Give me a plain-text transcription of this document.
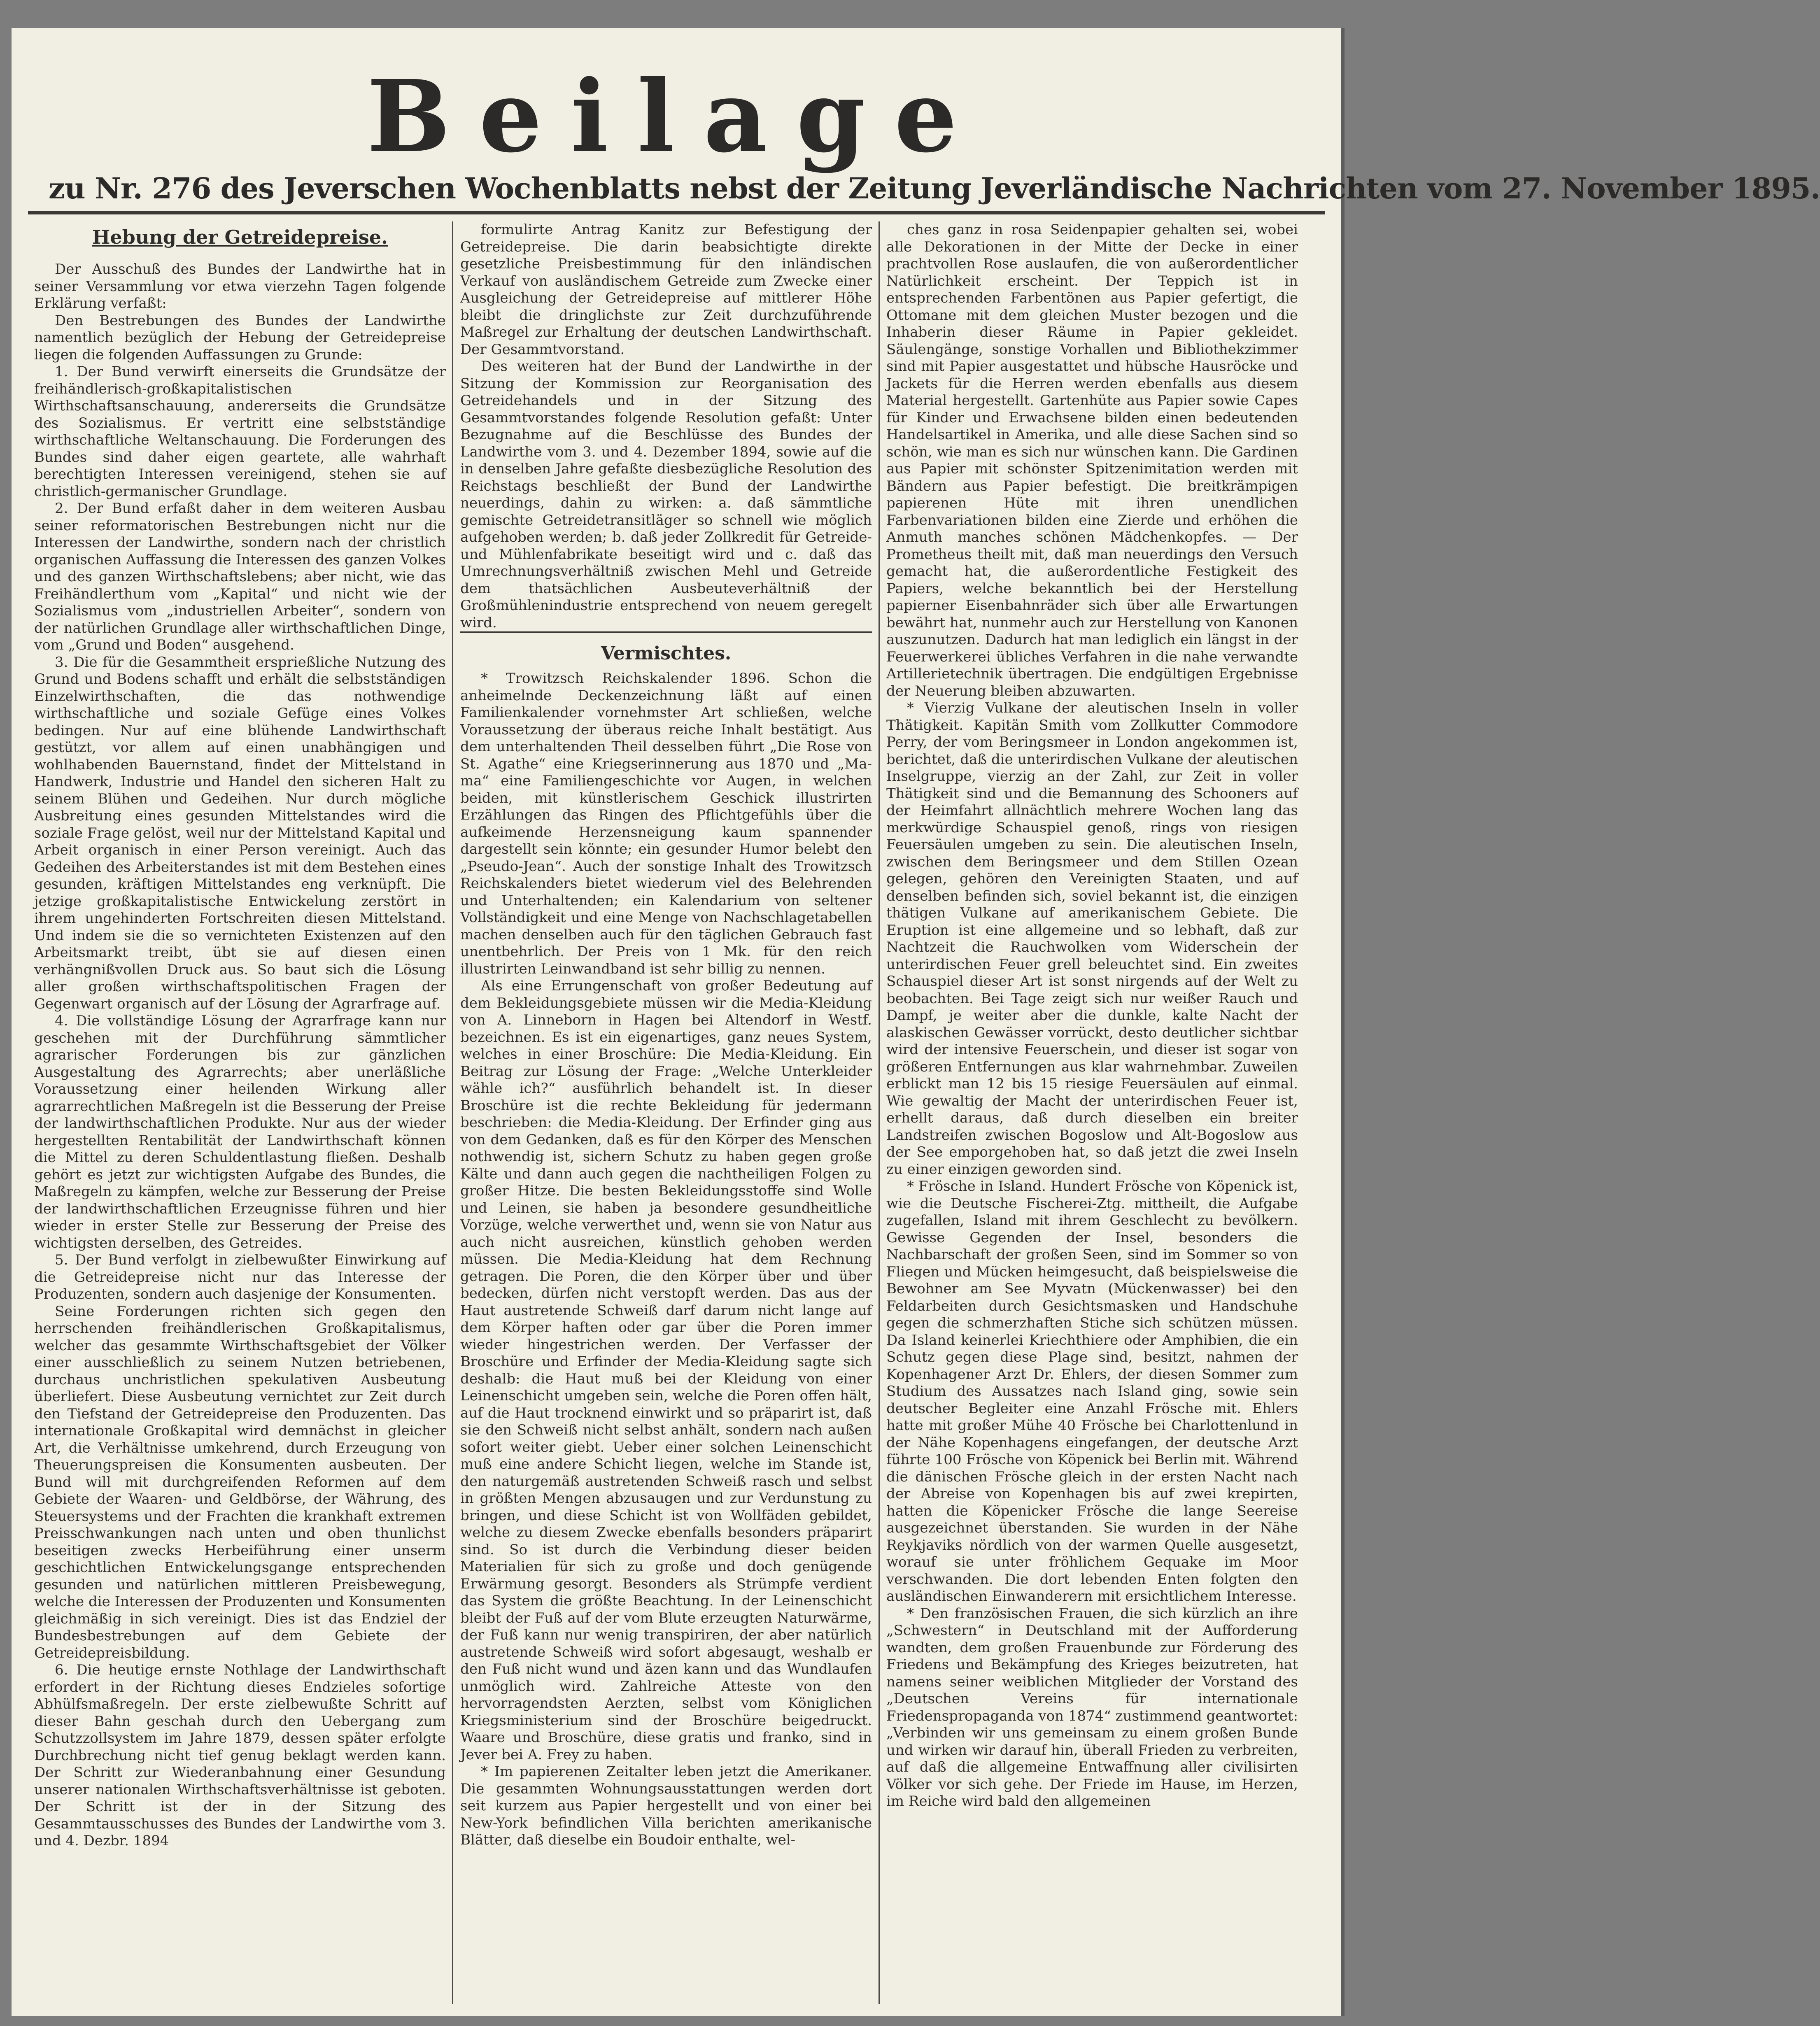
Beilage
zu Nr. 276 des Jeverschen Wochenblatts nebst der Zeitung Jeverländische Nachrichten vom 27. November 1895.
Hebung der Getreidepreise.

Der Ausschuß des Bundes der Landwirthe hat in seiner Versammlung vor etwa vierzehn Tagen folgende Erklärung verfaßt:

Den Bestrebungen des Bundes der Landwirthe namentlich bezüglich der Hebung der Getreidepreise liegen die folgenden Auffassungen zu Grunde:

1. Der Bund verwirft einerseits die Grundsätze der freihändlerisch-großkapitalistischen Wirthschaftsanschauung, andererseits die Grundsätze des Sozialismus. Er vertritt eine selbstständige wirthschaftliche Weltanschauung. Die Forderungen des Bundes sind daher eigen geartete, alle wahrhaft berechtigten Interessen vereinigend, stehen sie auf christlich-germanischer Grundlage.

2. Der Bund erfaßt daher in dem weiteren Ausbau seiner reformatorischen Bestrebungen nicht nur die Interessen der Landwirthe, sondern nach der christlich organischen Auffassung die Interessen des ganzen Volkes und des ganzen Wirthschaftslebens; aber nicht, wie das Freihändlerthum vom „Kapital“ und nicht wie der Sozialismus vom „industriellen Arbeiter“, sondern von der natürlichen Grundlage aller wirthschaftlichen Dinge, vom „Grund und Boden“ ausgehend.

3. Die für die Gesammtheit ersprießliche Nutzung des Grund und Bodens schafft und erhält die selbstständigen Einzelwirthschaften, die das nothwendige wirthschaftliche und soziale Gefüge eines Volkes bedingen. Nur auf eine blühende Landwirthschaft gestützt, vor allem auf einen unabhängigen und wohlhabenden Bauernstand, findet der Mittelstand in Handwerk, Industrie und Handel den sicheren Halt zu seinem Blühen und Gedeihen. Nur durch mögliche Ausbreitung eines gesunden Mittelstandes wird die soziale Frage gelöst, weil nur der Mittelstand Kapital und Arbeit organisch in einer Person vereinigt. Auch das Gedeihen des Arbeiterstandes ist mit dem Bestehen eines gesunden, kräftigen Mittelstandes eng verknüpft. Die jetzige großkapitalistische Entwickelung zerstört in ihrem ungehinderten Fortschreiten diesen Mittelstand. Und indem sie die so vernichteten Existenzen auf den Arbeitsmarkt treibt, übt sie auf diesen einen verhängnißvollen Druck aus. So baut sich die Lösung aller großen wirthschaftspolitischen Fragen der Gegenwart organisch auf der Lösung der Agrarfrage auf.

4. Die vollständige Lösung der Agrarfrage kann nur geschehen mit der Durchführung sämmtlicher agrarischer Forderungen bis zur gänzlichen Ausgestaltung des Agrarrechts; aber unerläßliche Voraussetzung einer heilenden Wirkung aller agrarrechtlichen Maßregeln ist die Besserung der Preise der landwirthschaftlichen Produkte. Nur aus der wieder hergestellten Rentabilität der Landwirthschaft können die Mittel zu deren Schuldentlastung fließen. Deshalb gehört es jetzt zur wichtigsten Aufgabe des Bundes, die Maßregeln zu kämpfen, welche zur Besserung der Preise der landwirthschaftlichen Erzeugnisse führen und hier wieder in erster Stelle zur Besserung der Preise des wichtigsten derselben, des Getreides.

5. Der Bund verfolgt in zielbewußter Einwirkung auf die Getreidepreise nicht nur das Interesse der Produzenten, sondern auch dasjenige der Konsumenten.

Seine Forderungen richten sich gegen den herrschenden freihändlerischen Großkapitalismus, welcher das gesammte Wirthschaftsgebiet der Völker einer ausschließlich zu seinem Nutzen betriebenen, durchaus unchristlichen spekulativen Ausbeutung überliefert. Diese Ausbeutung vernichtet zur Zeit durch den Tiefstand der Getreidepreise den Produzenten. Das internationale Großkapital wird demnächst in gleicher Art, die Verhältnisse umkehrend, durch Erzeugung von Theuerungspreisen die Konsumenten ausbeuten. Der Bund will mit durchgreifenden Reformen auf dem Gebiete der Waaren- und Geldbörse, der Währung, des Steuersystems und der Frachten die krankhaft extremen Preisschwankungen nach unten und oben thunlichst beseitigen zwecks Herbeiführung einer unserm geschichtlichen Entwickelungsgange entsprechenden gesunden und natürlichen mittleren Preisbewegung, welche die Interessen der Produzenten und Konsumenten gleichmäßig in sich vereinigt. Dies ist das Endziel der Bundesbestrebungen auf dem Gebiete der Getreidepreisbildung.

6. Die heutige ernste Nothlage der Landwirthschaft erfordert in der Richtung dieses Endzieles sofortige Abhülfsmaßregeln. Der erste zielbewußte Schritt auf dieser Bahn geschah durch den Uebergang zum Schutzzollsystem im Jahre 1879, dessen später erfolgte Durchbrechung nicht tief genug beklagt werden kann. Der Schritt zur Wiederanbahnung einer Gesundung unserer nationalen Wirthschaftsverhältnisse ist geboten. Der Schritt ist der in der Sitzung des Gesammtausschusses des Bundes der Landwirthe vom 3. und 4. Dezbr. 1894

formulirte Antrag Kanitz zur Befestigung der Getreidepreise. Die darin beabsichtigte direkte gesetzliche Preisbestimmung für den inländischen Verkauf von ausländischem Getreide zum Zwecke einer Ausgleichung der Getreidepreise auf mittlerer Höhe bleibt die dringlichste zur Zeit durchzuführende Maßregel zur Erhaltung der deutschen Landwirthschaft. Der Gesammtvorstand.

Des weiteren hat der Bund der Landwirthe in der Sitzung der Kommission zur Reorganisation des Getreidehandels und in der Sitzung des Gesammtvorstandes folgende Resolution gefaßt: Unter Bezugnahme auf die Beschlüsse des Bundes der Landwirthe vom 3. und 4. Dezember 1894, sowie auf die in denselben Jahre gefaßte diesbezügliche Resolution des Reichstags beschließt der Bund der Landwirthe neuerdings, dahin zu wirken: a. daß sämmtliche gemischte Getreidetransitläger so schnell wie möglich aufgehoben werden; b. daß jeder Zollkredit für Getreide- und Mühlenfabrikate beseitigt wird und c. daß das Umrechnungsverhältniß zwischen Mehl und Getreide dem thatsächlichen Ausbeuteverhältniß der Großmühlenindustrie entsprechend von neuem geregelt wird.

Vermischtes.

* Trowitzsch Reichskalender 1896. Schon die anheimelnde Deckenzeichnung läßt auf einen Familienkalender vornehmster Art schließen, welche Voraussetzung der überaus reiche Inhalt bestätigt. Aus dem unterhaltenden Theil desselben führt „Die Rose von St. Agathe“ eine Kriegserinnerung aus 1870 und „Ma-ma“ eine Familiengeschichte vor Augen, in welchen beiden, mit künstlerischem Geschick illustrirten Erzählungen das Ringen des Pflichtgefühls über die aufkeimende Herzensneigung kaum spannender dargestellt sein könnte; ein gesunder Humor belebt den „Pseudo-Jean“. Auch der sonstige Inhalt des Trowitzsch Reichskalenders bietet wiederum viel des Belehrenden und Unterhaltenden; ein Kalendarium von seltener Vollständigkeit und eine Menge von Nachschlagetabellen machen denselben auch für den täglichen Gebrauch fast unentbehrlich. Der Preis von 1 Mk. für den reich illustrirten Leinwandband ist sehr billig zu nennen.

Als eine Errungenschaft von großer Bedeutung auf dem Bekleidungsgebiete müssen wir die Media-Kleidung von A. Linneborn in Hagen bei Altendorf in Westf. bezeichnen. Es ist ein eigenartiges, ganz neues System, welches in einer Broschüre: Die Media-Kleidung. Ein Beitrag zur Lösung der Frage: „Welche Unterkleider wähle ich?“ ausführlich behandelt ist. In dieser Broschüre ist die rechte Bekleidung für jedermann beschrieben: die Media-Kleidung. Der Erfinder ging aus von dem Gedanken, daß es für den Körper des Menschen nothwendig ist, sichern Schutz zu haben gegen große Kälte und dann auch gegen die nachtheiligen Folgen zu großer Hitze. Die besten Bekleidungsstoffe sind Wolle und Leinen, sie haben ja besondere gesundheitliche Vorzüge, welche verwerthet und, wenn sie von Natur aus auch nicht ausreichen, künstlich gehoben werden müssen. Die Media-Kleidung hat dem Rechnung getragen. Die Poren, die den Körper über und über bedecken, dürfen nicht verstopft werden. Das aus der Haut austretende Schweiß darf darum nicht lange auf dem Körper haften oder gar über die Poren immer wieder hingestrichen werden. Der Verfasser der Broschüre und Erfinder der Media-Kleidung sagte sich deshalb: die Haut muß bei der Kleidung von einer Leinenschicht umgeben sein, welche die Poren offen hält, auf die Haut trocknend einwirkt und so präparirt ist, daß sie den Schweiß nicht selbst anhält, sondern nach außen sofort weiter giebt. Ueber einer solchen Leinenschicht muß eine andere Schicht liegen, welche im Stande ist, den naturgemäß austretenden Schweiß rasch und selbst in größten Mengen abzusaugen und zur Verdunstung zu bringen, und diese Schicht ist von Wollfäden gebildet, welche zu diesem Zwecke ebenfalls besonders präparirt sind. So ist durch die Verbindung dieser beiden Materialien für sich zu große und doch genügende Erwärmung gesorgt. Besonders als Strümpfe verdient das System die größte Beachtung. In der Leinenschicht bleibt der Fuß auf der vom Blute erzeugten Naturwärme, der Fuß kann nur wenig transpiriren, der aber natürlich austretende Schweiß wird sofort abgesaugt, weshalb er den Fuß nicht wund und äzen kann und das Wundlaufen unmöglich wird. Zahlreiche Atteste von den hervorragendsten Aerzten, selbst vom Königlichen Kriegsministerium sind der Broschüre beigedruckt. Waare und Broschüre, diese gratis und franko, sind in Jever bei A. Frey zu haben.

* Im papierenen Zeitalter leben jetzt die Amerikaner. Die gesammten Wohnungsausstattungen werden dort seit kurzem aus Papier hergestellt und von einer bei New-York befindlichen Villa berichten amerikanische Blätter, daß dieselbe ein Boudoir enthalte, wel-

ches ganz in rosa Seidenpapier gehalten sei, wobei alle Dekorationen in der Mitte der Decke in einer prachtvollen Rose auslaufen, die von außerordentlicher Natürlichkeit erscheint. Der Teppich ist in entsprechenden Farbentönen aus Papier gefertigt, die Ottomane mit dem gleichen Muster bezogen und die Inhaberin dieser Räume in Papier gekleidet. Säulengänge, sonstige Vorhallen und Bibliothekzimmer sind mit Papier ausgestattet und hübsche Hausröcke und Jackets für die Herren werden ebenfalls aus diesem Material hergestellt. Gartenhüte aus Papier sowie Capes für Kinder und Erwachsene bilden einen bedeutenden Handelsartikel in Amerika, und alle diese Sachen sind so schön, wie man es sich nur wünschen kann. Die Gardinen aus Papier mit schönster Spitzenimitation werden mit Bändern aus Papier befestigt. Die breitkrämpigen papierenen Hüte mit ihren unendlichen Farbenvariationen bilden eine Zierde und erhöhen die Anmuth manches schönen Mädchenkopfes. — Der Prometheus theilt mit, daß man neuerdings den Versuch gemacht hat, die außerordentliche Festigkeit des Papiers, welche bekanntlich bei der Herstellung papierner Eisenbahnräder sich über alle Erwartungen bewährt hat, nunmehr auch zur Herstellung von Kanonen auszunutzen. Dadurch hat man lediglich ein längst in der Feuerwerkerei übliches Verfahren in die nahe verwandte Artillerietechnik übertragen. Die endgültigen Ergebnisse der Neuerung bleiben abzuwarten.

* Vierzig Vulkane der aleutischen Inseln in voller Thätigkeit. Kapitän Smith vom Zollkutter Commodore Perry, der vom Beringsmeer in London angekommen ist, berichtet, daß die unterirdischen Vulkane der aleutischen Inselgruppe, vierzig an der Zahl, zur Zeit in voller Thätigkeit sind und die Bemannung des Schooners auf der Heimfahrt allnächtlich mehrere Wochen lang das merkwürdige Schauspiel genoß, rings von riesigen Feuersäulen umgeben zu sein. Die aleutischen Inseln, zwischen dem Beringsmeer und dem Stillen Ozean gelegen, gehören den Vereinigten Staaten, und auf denselben befinden sich, soviel bekannt ist, die einzigen thätigen Vulkane auf amerikanischem Gebiete. Die Eruption ist eine allgemeine und so lebhaft, daß zur Nachtzeit die Rauchwolken vom Widerschein der unterirdischen Feuer grell beleuchtet sind. Ein zweites Schauspiel dieser Art ist sonst nirgends auf der Welt zu beobachten. Bei Tage zeigt sich nur weißer Rauch und Dampf, je weiter aber die dunkle, kalte Nacht der alaskischen Gewässer vorrückt, desto deutlicher sichtbar wird der intensive Feuerschein, und dieser ist sogar von größeren Entfernungen aus klar wahrnehmbar. Zuweilen erblickt man 12 bis 15 riesige Feuersäulen auf einmal. Wie gewaltig der Macht der unterirdischen Feuer ist, erhellt daraus, daß durch dieselben ein breiter Landstreifen zwischen Bogoslow und Alt-Bogoslow aus der See emporgehoben hat, so daß jetzt die zwei Inseln zu einer einzigen geworden sind.

* Frösche in Island. Hundert Frösche von Köpenick ist, wie die Deutsche Fischerei-Ztg. mittheilt, die Aufgabe zugefallen, Island mit ihrem Geschlecht zu bevölkern. Gewisse Gegenden der Insel, besonders die Nachbarschaft der großen Seen, sind im Sommer so von Fliegen und Mücken heimgesucht, daß beispielsweise die Bewohner am See Myvatn (Mückenwasser) bei den Feldarbeiten durch Gesichtsmasken und Handschuhe gegen die schmerzhaften Stiche sich schützen müssen. Da Island keinerlei Kriechthiere oder Amphibien, die ein Schutz gegen diese Plage sind, besitzt, nahmen der Kopenhagener Arzt Dr. Ehlers, der diesen Sommer zum Studium des Aussatzes nach Island ging, sowie sein deutscher Begleiter eine Anzahl Frösche mit. Ehlers hatte mit großer Mühe 40 Frösche bei Charlottenlund in der Nähe Kopenhagens eingefangen, der deutsche Arzt führte 100 Frösche von Köpenick bei Berlin mit. Während die dänischen Frösche gleich in der ersten Nacht nach der Abreise von Kopenhagen bis auf zwei krepirten, hatten die Köpenicker Frösche die lange Seereise ausgezeichnet überstanden. Sie wurden in der Nähe Reykjaviks nördlich von der warmen Quelle ausgesetzt, worauf sie unter fröhlichem Gequake im Moor verschwanden. Die dort lebenden Enten folgten den ausländischen Einwanderern mit ersichtlichem Interesse.

* Den französischen Frauen, die sich kürzlich an ihre „Schwestern“ in Deutschland mit der Aufforderung wandten, dem großen Frauenbunde zur Förderung des Friedens und Bekämpfung des Krieges beizutreten, hat namens seiner weiblichen Mitglieder der Vorstand des „Deutschen Vereins für internationale Friedenspropaganda von 1874“ zustimmend geantwortet: „Verbinden wir uns gemeinsam zu einem großen Bunde und wirken wir darauf hin, überall Frieden zu verbreiten, auf daß die allgemeine Entwaffnung aller civilisirten Völker vor sich gehe. Der Friede im Hause, im Herzen, im Reiche wird bald den allgemeinen
